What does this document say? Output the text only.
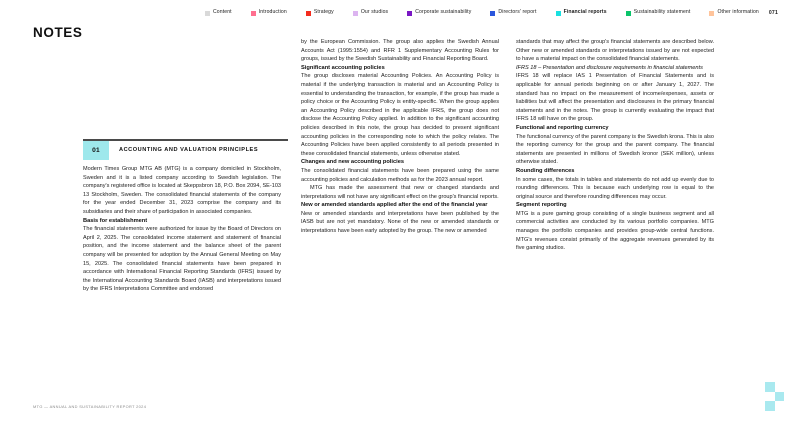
Content	Introduction	Strategy	Our studios	Corporate sustainability	Directors' report	Financial reports	Sustainability statement	Other information 071
NOTES
01	ACCOUNTING AND VALUATION PRINCIPLES

Modern Times Group MTG AB (MTG) is a company domiciled in Stockholm, Sweden and it is a listed company according to Swedish legislation. The company's registered office is located at Skeppsbron 18, P.O. Box 2094, SE-103 13 Stockholm, Sweden. The consolidated financial statements of the company for the year ended December 31, 2023 comprise the company and its subsidiaries and their share of participation in associated companies.

Basis for establishment

The financial statements were authorized for issue by the Board of Directors on April 2, 2025. The consolidated income statement and statement of financial position, and the income statement and the balance sheet of the parent company will be presented for adoption by the Annual General Meeting on May 15, 2025. The consolidated financial statements have been prepared in accordance with International Financial Reporting Standards (IFRS) issued by the International Accounting Standards Board (IASB) and interpretations issued by the IFRS Interpretations Committee and endorsed

by the European Commission. The group also applies the Swedish Annual Accounts Act (1995:1554) and RFR 1 Supplementary Accounting Rules for groups, issued by the Swedish Sustainability and Financial Reporting Board.

Significant accounting policies

The group discloses material Accounting Policies. An Accounting Policy is material if the underlying transaction is material and an Accounting Policy is essential to understanding the transaction, for example, if the group has made a policy choice or the Accounting Policy is entity-specific. When the group applies an Accounting Policy described in the applicable IFRS, the group does not disclose the Accounting Policy applied. In addition to the significant accounting policies described in this note, the group has decided to present significant accounting policies in the corresponding note to which the policy relates. The Accounting Policies have been applied consistently to all periods presented in these consolidated financial statements, unless otherwise stated.

Changes and new accounting policies

The consolidated financial statements have been prepared using the same accounting policies and calculation methods as for the 2023 annual report.

MTG has made the assessment that new or changed standards and interpretations will not have any significant effect on the group's financial reports.

New or amended standards applied after the end of the financial year

New or amended standards and interpretations have been published by the IASB but are not yet mandatory. None of the new or amended standards or interpretations have been early adopted by the group. The new or amended

standards that may affect the group's financial statements are described below. Other new or amended standards or interpretations issued by are not expected to have a material impact on the consolidated financial statements.

IFRS 18 – Presentation and disclosure requirements in financial statements

IFRS 18 will replace IAS 1 Presentation of Financial Statements and is applicable for annual periods beginning on or after January 1, 2027. The standard has no impact on the measurement of income/expenses, assets or liabilities but will affect the presentation and disclosures in the primary financial statements and in the notes. The group is currently evaluating the impact that IFRS 18 will have on the group.

Functional and reporting currency

The functional currency of the parent company is the Swedish krona. This is also the reporting currency for the group and the parent company. The financial statements are presented in millions of Swedish kronor (SEK million), unless otherwise stated.

Rounding differences

In some cases, the totals in tables and statements do not add up evenly due to rounding differences. This is because each underlying row is equal to the original source and therefore rounding differences may occur.

Segment reporting

MTG is a pure gaming group consisting of a single business segment and all commercial activities are conducted by its various portfolio companies. MTG manages the portfolio companies and provides group-wide central functions. MTG's revenues consist primarily of the aggregate revenues generated by its five gaming studios.

MTG — ANNUAL AND SUSTAINABILITY REPORT 2024
